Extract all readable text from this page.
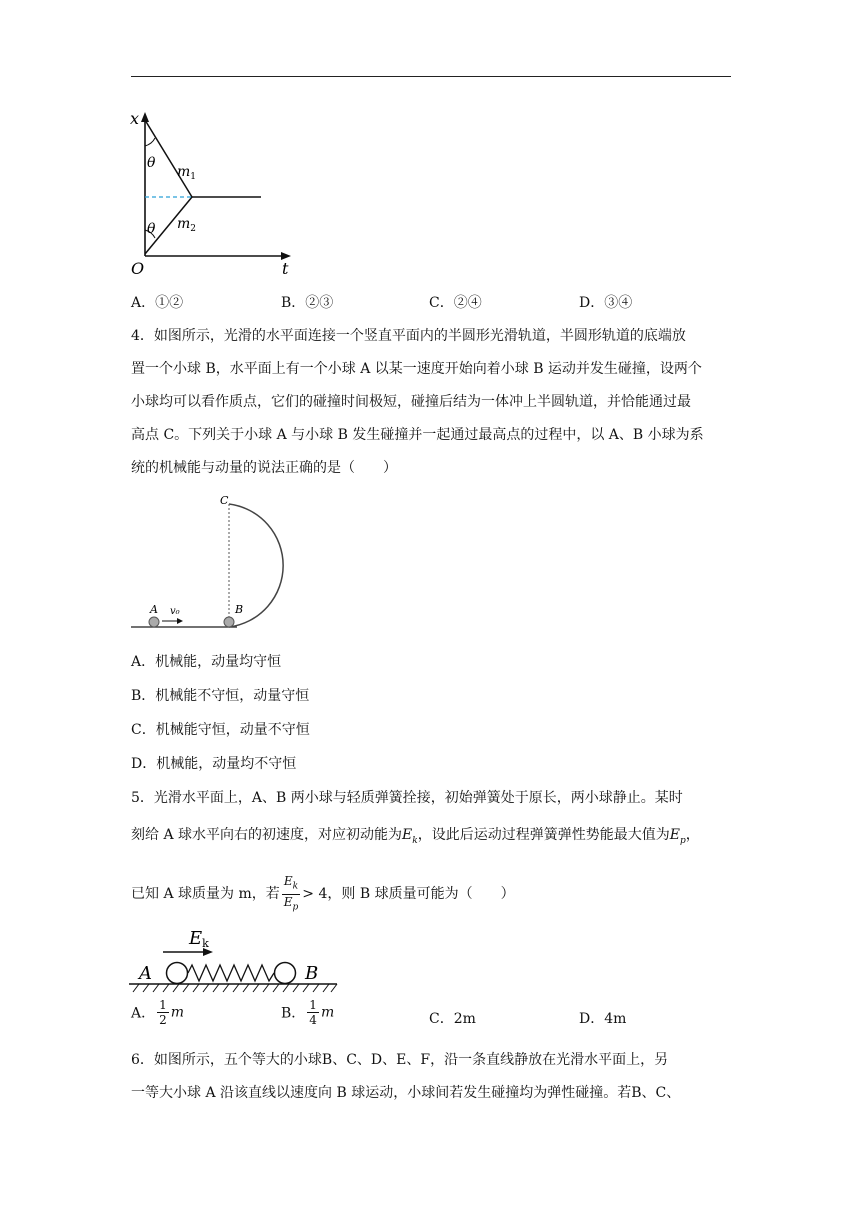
x
t
O
θ
θ
$m_1$
$m_2$
A．①②	B．②③	C．②④	D．③④
4．如图所示，光滑的水平面连接一个竖直平面内的半圆形光滑轨道，半圆形轨道的底端放
置一个小球 B，水平面上有一个小球 A 以某一速度开始向着小球 B 运动并发生碰撞，设两个
小球均可以看作质点，它们的碰撞时间极短，碰撞后结为一体冲上半圆轨道，并恰能通过最
高点 C。下列关于小球 A 与小球 B 发生碰撞并一起通过最高点的过程中，以 A、B 小球为系
统的机械能与动量的说法正确的是（　　）
C
A	B
v₀
A．机械能，动量均守恒
B．机械能不守恒，动量守恒
C．机械能守恒，动量不守恒
D．机械能，动量均不守恒
5．光滑水平面上，A、B 两小球与轻质弹簧拴接，初始弹簧处于原长，两小球静止。某时
刻给 A 球水平向右的初速度，对应初动能为$E_k$，设此后运动过程弹簧弹性势能最大值为$E_p$，
已知 A 球质量为 m，若 $\frac{E_k}{E_p} > 4$，则 B 球质量可能为（　　）
Ek
A	B
A． $\frac{1}{2}$ m	B． $\frac{1}{4}$ m	C．2m	D．4m
6．如图所示，五个等大的小球B、C、D、E、F，沿一条直线静放在光滑水平面上，另
一等大小球 A 沿该直线以速度向 B 球运动，小球间若发生碰撞均为弹性碰撞。若B、C、
